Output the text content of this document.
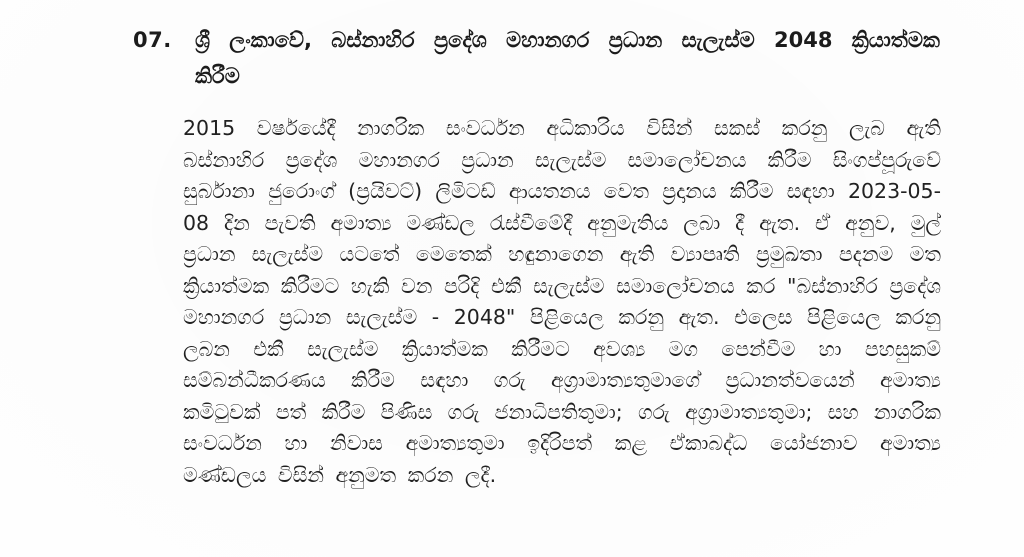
07.	ශ්‍රී ලංකාවේ, බස්නාහිර ප්‍රදේශ මහානගර ප්‍රධාන සැලැස්ම 2048 ක්‍රියාත්මක කිරීම
2015 වර්ෂයේදී නාගරික සංවර්ධන අධිකාරිය විසින් සකස් කරනු ලැබ ඇති බස්නාහිර ප්‍රදේශ මහානගර ප්‍රධාන සැලැස්ම සමාලෝචනය කිරීම සිංගප්පූරුවේ සුර්බානා ජුරොංග් (ප්‍රයිවට්) ලිමිටඩ් ආයතනය වෙත ප්‍රදානය කිරීම සඳහා 2023-05-08 දින පැවති අමාත්‍ය මණ්ඩල රැස්වීමේදී අනුමැතිය ලබා දී ඇත. ඒ අනුව, මුල් ප්‍රධාන සැලැස්ම යටතේ මෙතෙක් හඳුනාගෙන ඇති ව්‍යාපෘති ප්‍රමුඛතා පදනම මත ක්‍රියාත්මක කිරීමට හැකි වන පරිදි එකී සැලැස්ම සමාලෝචනය කර "බස්නාහිර ප්‍රදේශ මහානගර ප්‍රධාන සැලැස්ම - 2048" පිළියෙල කරනු ඇත. එලෙස පිළියෙල කරනු ලබන එකී සැලැස්ම ක්‍රියාත්මක කිරීමට අවශ්‍ය මග පෙන්වීම හා පහසුකම් සම්බන්ධීකරණය කිරීම සඳහා ගරු අග්‍රාමාත්‍යතුමාගේ ප්‍රධානත්වයෙන් අමාත්‍ය කමිටුවක් පත් කිරීම පිණිස ගරු ජනාධිපතිතුමා; ගරු අග්‍රාමාත්‍යතුමා; සහ නාගරික සංවර්ධන හා නිවාස අමාත්‍යතුමා ඉදිරිපත් කළ ඒකාබද්ධ යෝජනාව අමාත්‍ය මණ්ඩලය විසින් අනුමත කරන ලදී.
